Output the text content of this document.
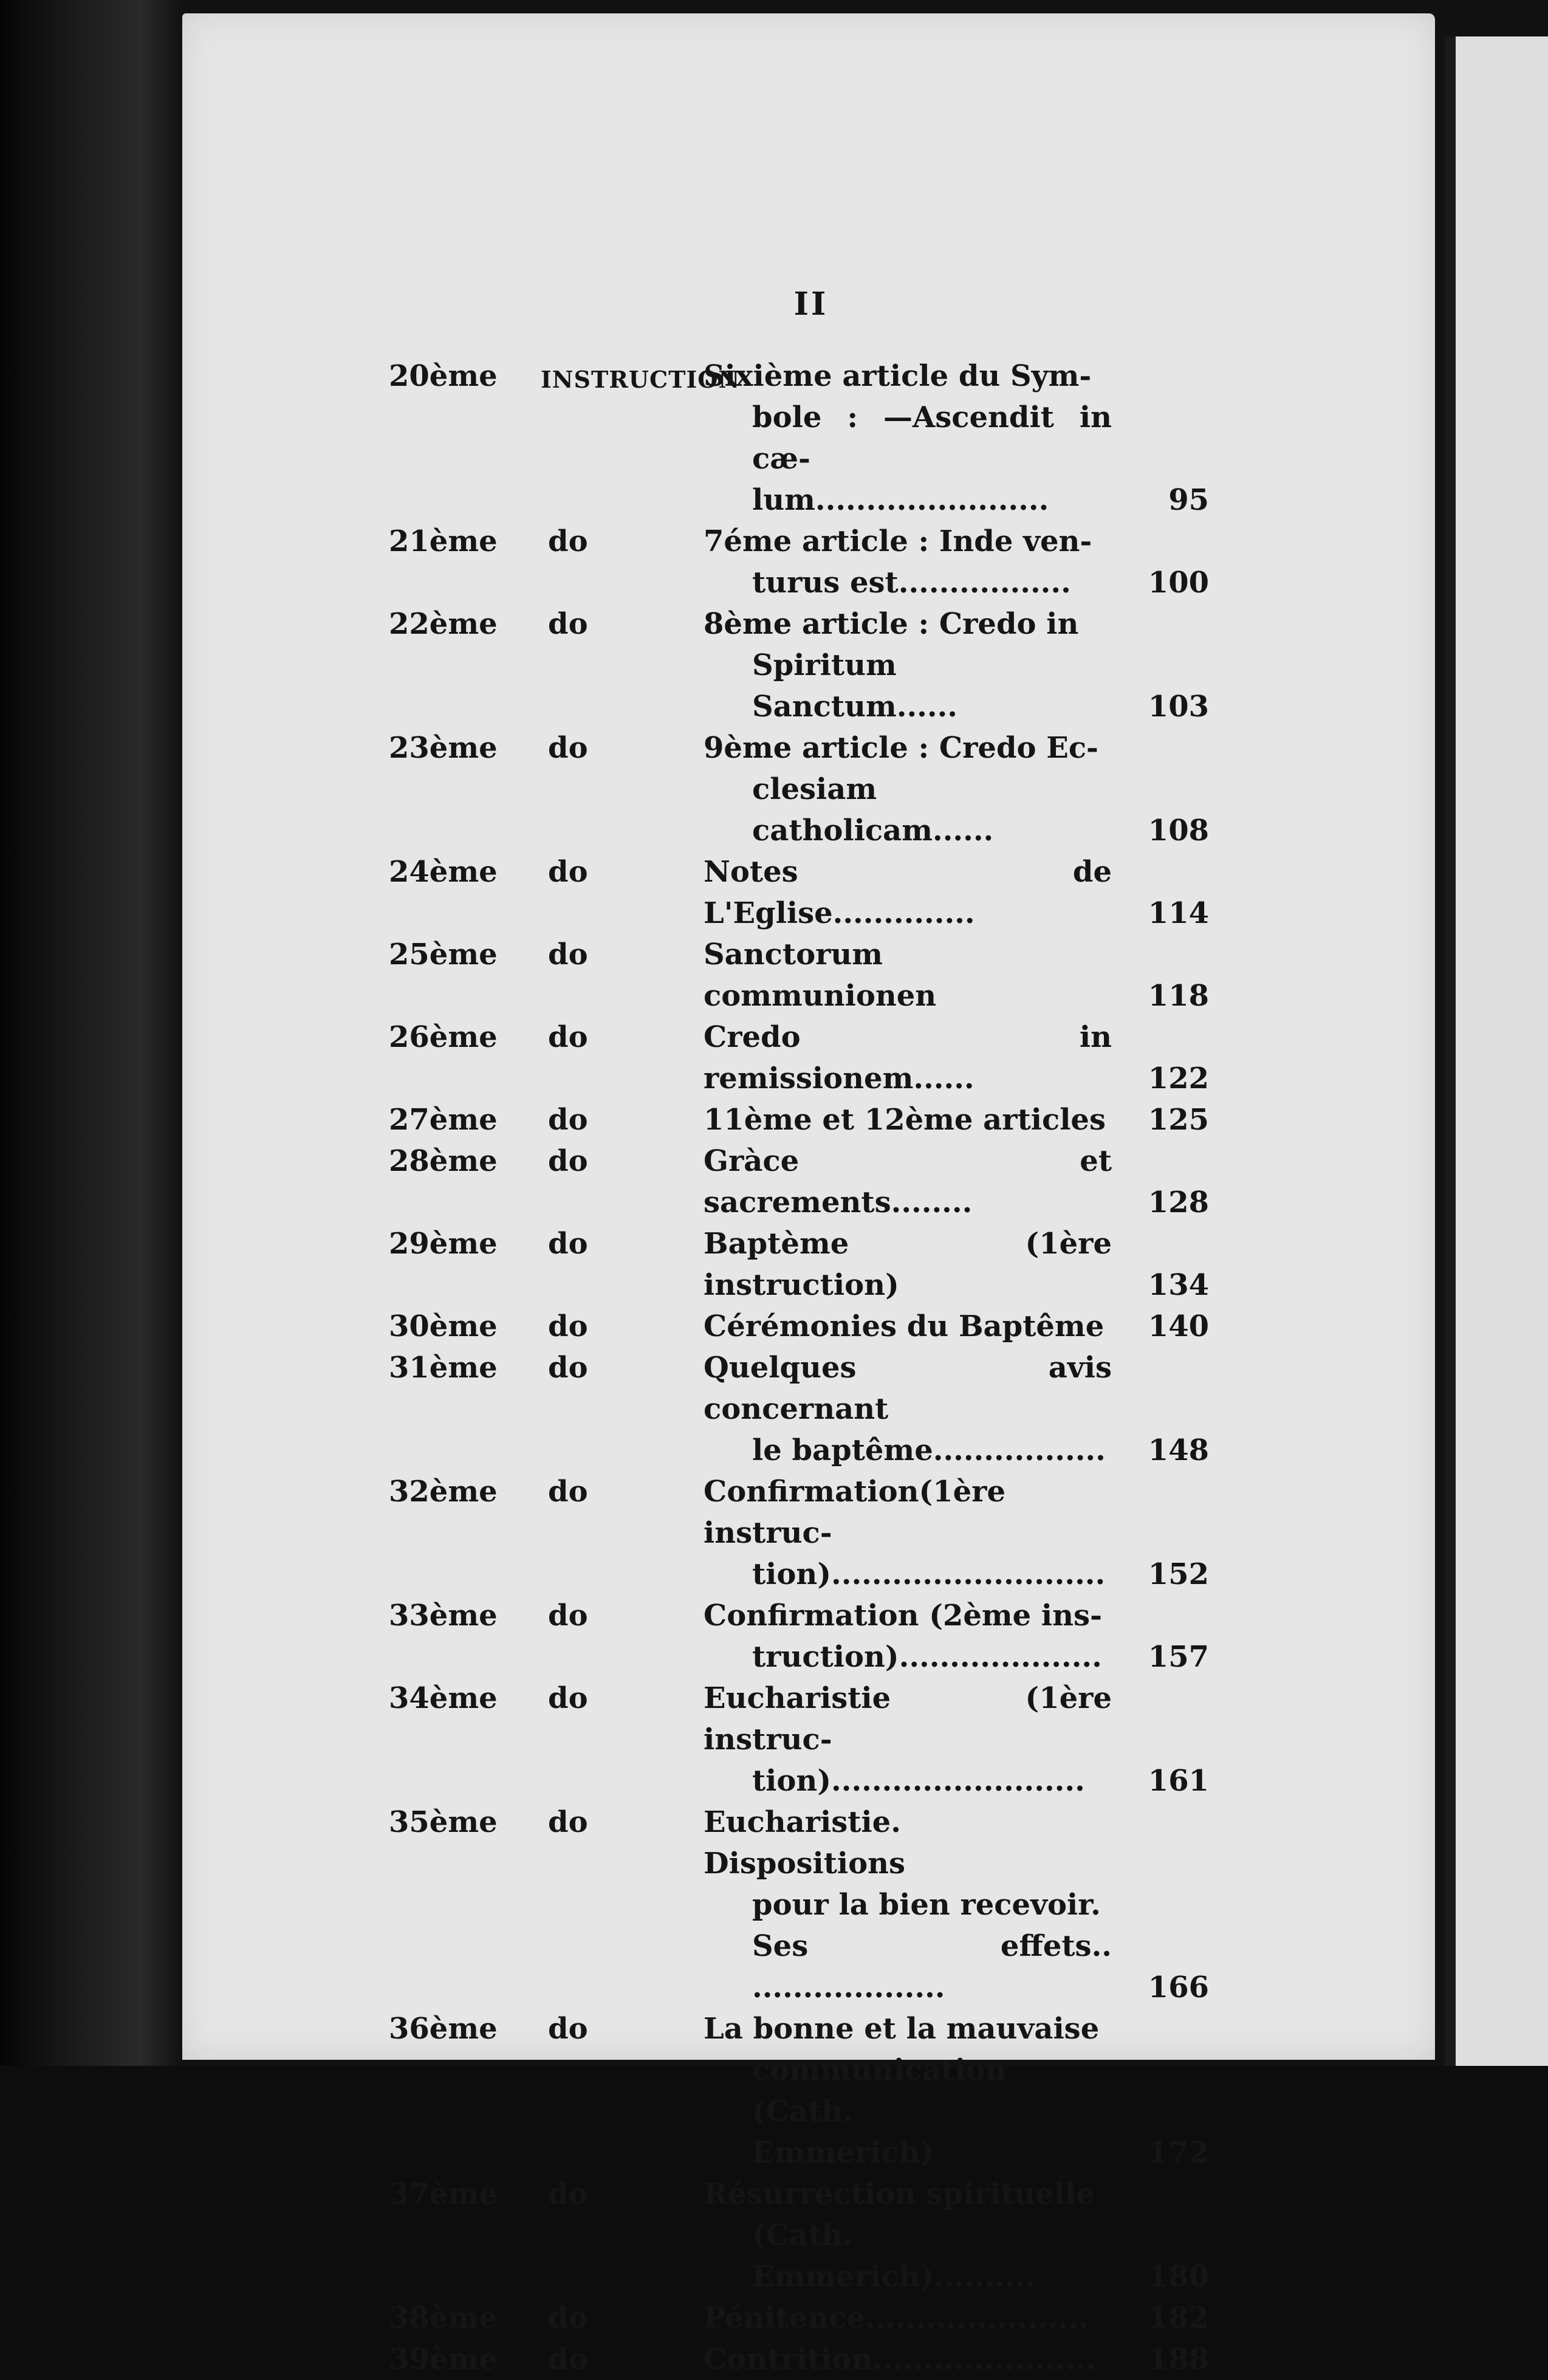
II
20ème	INSTRUCTION
Sixième article du Sym-
bole : —Ascendit in cæ-
lum.......................	95
21ème	do	7éme article : Inde ven-
turus est.................	100
22ème	do	8ème article : Credo in
Spiritum Sanctum......	103
23ème	do	9ème article : Credo Ec-
clesiam catholicam......	108
24ème	do	Notes de L'Eglise..............	114
25ème	do	Sanctorum communionen	118
26ème	do	Credo in remissionem......	122
27ème	do	11ème et 12ème articles	125
28ème	do	Gràce et sacrements........	128
29ème	do	Baptème (1ère instruction)	134
30ème	do	Cérémonies du Baptême	140
31ème	do	Quelques avis concernant
le baptême.................	148
32ème	do	Confirmation(1ère instruc-
tion)...........................	152
33ème	do	Confirmation (2ème ins-
truction)....................	157
34ème	do	Eucharistie (1ère instruc-
tion).........................	161
35ème	do	Eucharistie. Dispositions
pour la bien recevoir.
Ses effets.. ...................	166
36ème	do	La bonne et la mauvaise
communication (Cath.
Emmerich)	172
37ème	do	Résurrection spirituelle
(Cath. Emmerich)..........	180
38ème	do	Pénitence......................	182
39ème	do	Contrition......................	188
